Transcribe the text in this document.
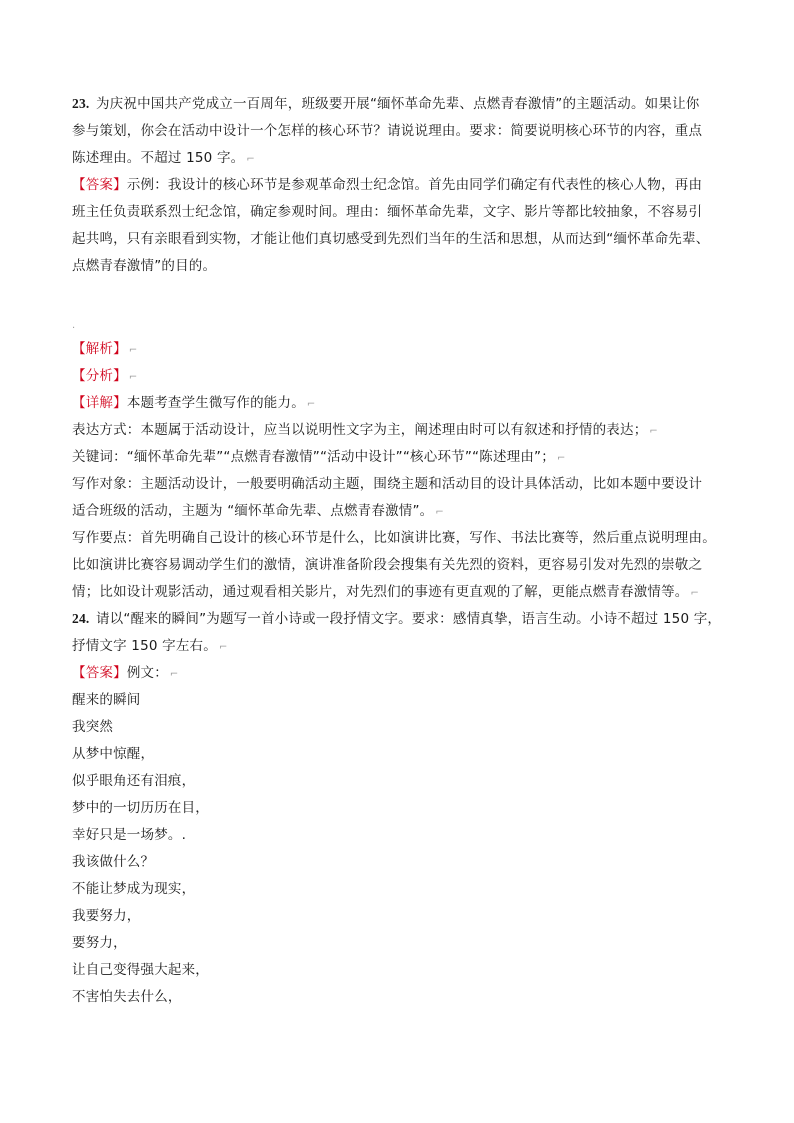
23. 为庆祝中国共产党成立一百周年，班级要开展“缅怀革命先辈、点燃青春激情”的主题活动。如果让你
参与策划，你会在活动中设计一个怎样的核心环节？请说说理由。要求：简要说明核心环节的内容，重点
陈述理由。不超过 150 字。 ⌐
【答案】示例：我设计的核心环节是参观革命烈士纪念馆。首先由同学们确定有代表性的核心人物，再由
班主任负责联系烈士纪念馆，确定参观时间。理由：缅怀革命先辈，文字、影片等都比较抽象，不容易引
起共鸣，只有亲眼看到实物，才能让他们真切感受到先烈们当年的生活和思想，从而达到“缅怀革命先辈、
点燃青春激情”的目的。
·
【解析】 ⌐
【分析】 ⌐
【详解】本题考查学生微写作的能力。 ⌐
表达方式：本题属于活动设计，应当以说明性文字为主，阐述理由时可以有叙述和抒情的表达； ⌐
关键词：“缅怀革命先辈”“点燃青春激情”“活动中设计”“核心环节”“陈述理由”； ⌐
写作对象：主题活动设计，一般要明确活动主题，围绕主题和活动目的设计具体活动，比如本题中要设计
适合班级的活动，主题为 “缅怀革命先辈、点燃青春激情”。 ⌐
写作要点：首先明确自己设计的核心环节是什么，比如演讲比赛，写作、书法比赛等，然后重点说明理由。
比如演讲比赛容易调动学生们的激情，演讲准备阶段会搜集有关先烈的资料，更容易引发对先烈的崇敬之
情；比如设计观影活动，通过观看相关影片，对先烈们的事迹有更直观的了解，更能点燃青春激情等。 ⌐
24. 请以“醒来的瞬间”为题写一首小诗或一段抒情文字。要求：感情真挚，语言生动。小诗不超过 150 字，
抒情文字 150 字左右。 ⌐
【答案】例文： ⌐
醒来的瞬间
我突然
从梦中惊醒，
似乎眼角还有泪痕，
梦中的一切历历在目，
幸好只是一场梦。.
我该做什么？
不能让梦成为现实，
我要努力，
要努力，
让自己变得强大起来，
不害怕失去什么，
